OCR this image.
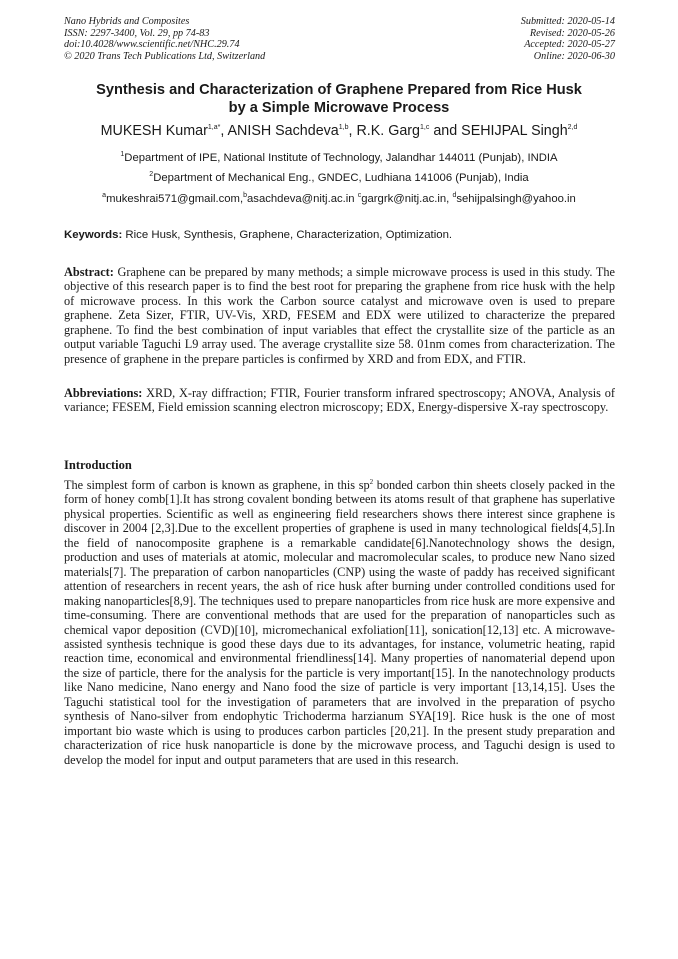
Nano Hybrids and Composites
ISSN: 2297-3400, Vol. 29, pp 74-83
doi:10.4028/www.scientific.net/NHC.29.74
© 2020 Trans Tech Publications Ltd, Switzerland
Submitted: 2020-05-14
Revised: 2020-05-26
Accepted: 2020-05-27
Online: 2020-06-30
Synthesis and Characterization of Graphene Prepared from Rice Husk
by a Simple Microwave Process
MUKESH Kumar$^{1,a*}$, ANISH Sachdeva$^{1,b}$, R.K. Garg$^{1,c}$ and SEHIJPAL Singh$^{2,d}$
$^1$Department of IPE, National Institute of Technology, Jalandhar 144011 (Punjab), INDIA
$^2$Department of Mechanical Eng., GNDEC, Ludhiana 141006 (Punjab), India
$^a$mukeshrai571@gmail.com,$^b$asachdeva@nitj.ac.in $^c$gargrk@nitj.ac.in, $^d$sehijpalsingh@yahoo.in
Keywords: Rice Husk, Synthesis, Graphene, Characterization, Optimization.
Abstract: Graphene can be prepared by many methods; a simple microwave process is used in this study. The objective of this research paper is to find the best root for preparing the graphene from rice husk with the help of microwave process. In this work the Carbon source catalyst and microwave oven is used to prepare graphene. Zeta Sizer, FTIR, UV-Vis, XRD, FESEM and EDX were utilized to characterize the prepared graphene. To find the best combination of input variables that effect the crystallite size of the particle as an output variable Taguchi L9 array used. The average crystallite size 58. 01nm comes from characterization. The presence of graphene in the prepare particles is confirmed by XRD and from EDX, and FTIR.
Abbreviations: XRD, X-ray diffraction; FTIR, Fourier transform infrared spectroscopy; ANOVA, Analysis of variance; FESEM, Field emission scanning electron microscopy; EDX, Energy-dispersive X-ray spectroscopy.
Introduction
The simplest form of carbon is known as graphene, in this $sp^2$ bonded carbon thin sheets closely packed in the form of honey comb[1].It has strong covalent bonding between its atoms result of that graphene has superlative physical properties. Scientific as well as engineering field researchers shows there interest since graphene is discover in 2004 [2,3].Due to the excellent properties of graphene is used in many technological fields[4,5].In the field of nanocomposite graphene is a remarkable candidate[6].Nanotechnology shows the design, production and uses of materials at atomic, molecular and macromolecular scales, to produce new Nano sized materials[7]. The preparation of carbon nanoparticles (CNP) using the waste of paddy has received significant attention of researchers in recent years, the ash of rice husk after burning under controlled conditions used for making nanoparticles[8,9]. The techniques used to prepare nanoparticles from rice husk are more expensive and time-consuming. There are conventional methods that are used for the preparation of nanoparticles such as chemical vapor deposition (CVD)[10], micromechanical exfoliation[11], sonication[12,13] etc. A microwave-assisted synthesis technique is good these days due to its advantages, for instance, volumetric heating, rapid reaction time, economical and environmental friendliness[14]. Many properties of nanomaterial depend upon the size of particle, there for the analysis for the particle is very important[15]. In the nanotechnology products like Nano medicine, Nano energy and Nano food the size of particle is very important [13,14,15]. Uses the Taguchi statistical tool for the investigation of parameters that are involved in the preparation of psycho synthesis of Nano-silver from endophytic Trichoderma harzianum SYA[19]. Rice husk is the one of most important bio waste which is using to produces carbon particles [20,21]. In the present study preparation and characterization of rice husk nanoparticle is done by the microwave process, and Taguchi design is used to develop the model for input and output parameters that are used in this research.
